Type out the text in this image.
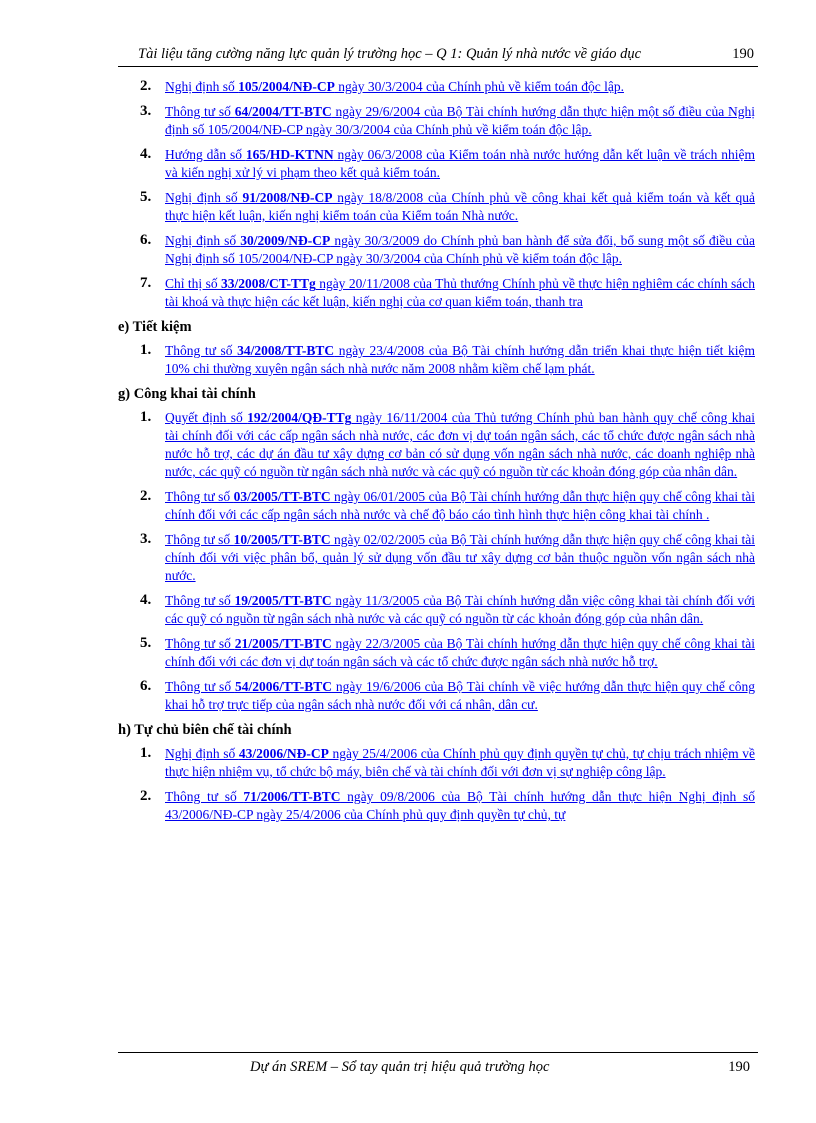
Tài liệu tăng cường năng lực quản lý trường học – Q 1: Quản lý nhà nước về giáo dục	190
2. Nghị định số 105/2004/NĐ-CP ngày 30/3/2004 của Chính phủ về kiểm toán độc lập.
3. Thông tư số 64/2004/TT-BTC ngày 29/6/2004 của Bộ Tài chính hướng dẫn thực hiện một số điều của Nghị định số 105/2004/NĐ-CP ngày 30/3/2004 của Chính phủ về kiểm toán độc lập.
4. Hướng dẫn số 165/HD-KTNN ngày 06/3/2008 của Kiểm toán nhà nước hướng dẫn kết luận về trách nhiệm và kiến nghị xử lý vi phạm theo kết quả kiểm toán.
5. Nghị định số 91/2008/NĐ-CP ngày 18/8/2008 của Chính phủ về công khai kết quả kiểm toán và kết quả thực hiện kết luận, kiến nghị kiểm toán của Kiểm toán Nhà nước.
6. Nghị định số 30/2009/NĐ-CP ngày 30/3/2009 do Chính phủ ban hành để sửa đổi, bổ sung một số điều của Nghị định số 105/2004/NĐ-CP ngày 30/3/2004 của Chính phủ về kiểm toán độc lập.
7. Chỉ thị số 33/2008/CT-TTg ngày 20/11/2008 của Thủ thướng Chính phủ về thực hiện nghiêm các chính sách tài khoá và thực hiện các kết luận, kiến nghị của cơ quan kiểm toán, thanh tra
e) Tiết kiệm
1. Thông tư số 34/2008/TT-BTC ngày 23/4/2008 của Bộ Tài chính hướng dẫn triển khai thực hiện tiết kiệm 10% chi thường xuyên ngân sách nhà nước năm 2008 nhằm kiềm chế lạm phát.
g) Công khai tài chính
1. Quyết định số 192/2004/QĐ-TTg ngày 16/11/2004 của Thủ tướng Chính phủ ban hành quy chế công khai tài chính đối với các cấp ngân sách nhà nước, các đơn vị dự toán ngân sách, các tổ chức được ngân sách nhà nước hỗ trợ, các dự án đầu tư xây dựng cơ bản có sử dụng vốn ngân sách nhà nước, các doanh nghiệp nhà nước, các quỹ có nguồn từ ngân sách nhà nước và các quỹ có nguồn từ các khoản đóng góp của nhân dân.
2. Thông tư số 03/2005/TT-BTC ngày 06/01/2005 của Bộ Tài chính hướng dẫn thực hiện quy chế công khai tài chính đối với các cấp ngân sách nhà nước và chế độ báo cáo tình hình thực hiện công khai tài chính .
3. Thông tư số 10/2005/TT-BTC ngày 02/02/2005 của Bộ Tài chính hướng dẫn thực hiện quy chế công khai tài chính đối với việc phân bổ, quản lý sử dụng vốn đầu tư xây dựng cơ bản thuộc nguồn vốn ngân sách nhà nước.
4. Thông tư số 19/2005/TT-BTC ngày 11/3/2005 của Bộ Tài chính hướng dẫn việc công khai tài chính đối với các quỹ có nguồn từ ngân sách nhà nước và các quỹ có nguồn từ các khoản đóng góp của nhân dân.
5. Thông tư số 21/2005/TT-BTC ngày 22/3/2005 của Bộ Tài chính hướng dẫn thực hiện quy chế công khai tài chính đối với các đơn vị dự toán ngân sách và các tổ chức được ngân sách nhà nước hỗ trợ.
6. Thông tư số 54/2006/TT-BTC ngày 19/6/2006 của Bộ Tài chính về việc hướng dẫn thực hiện quy chế công khai hỗ trợ trực tiếp của ngân sách nhà nước đối với cá nhân, dân cư.
h) Tự chủ biên chế tài chính
1. Nghị định số 43/2006/NĐ-CP ngày 25/4/2006 của Chính phủ quy định quyền tự chủ, tự chịu trách nhiệm về thực hiện nhiệm vụ, tổ chức bộ máy, biên chế và tài chính đối với đơn vị sự nghiệp công lập.
2. Thông tư số 71/2006/TT-BTC ngày 09/8/2006 của Bộ Tài chính hướng dẫn thực hiện Nghị định số 43/2006/NĐ-CP ngày 25/4/2006 của Chính phủ quy định quyền tự chủ, tự
Dự án SREM – Sổ tay quản trị hiệu quả trường học	190
